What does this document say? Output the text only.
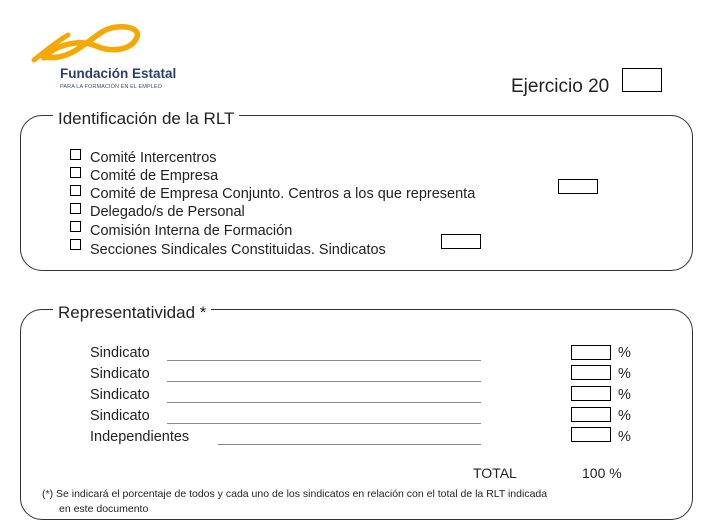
Fundación Estatal
PARA LA FORMACIÓN EN EL EMPLEO	Ejercicio 20
Identificación de la RLT
Comité Intercentros
Comité de Empresa
Comité de Empresa Conjunto. Centros a los que representa
Delegado/s de Personal
Comisión Interna de Formación
Secciones Sindicales Constituidas. Sindicatos
Representatividad *
Sindicato	%
Sindicato	%
Sindicato	%
Sindicato	%
Independientes	%
TOTAL	100 %
(*) Se indicará el porcentaje de todos y cada uno de los sindicatos en relación con el total de la RLT indicada
en este documento
